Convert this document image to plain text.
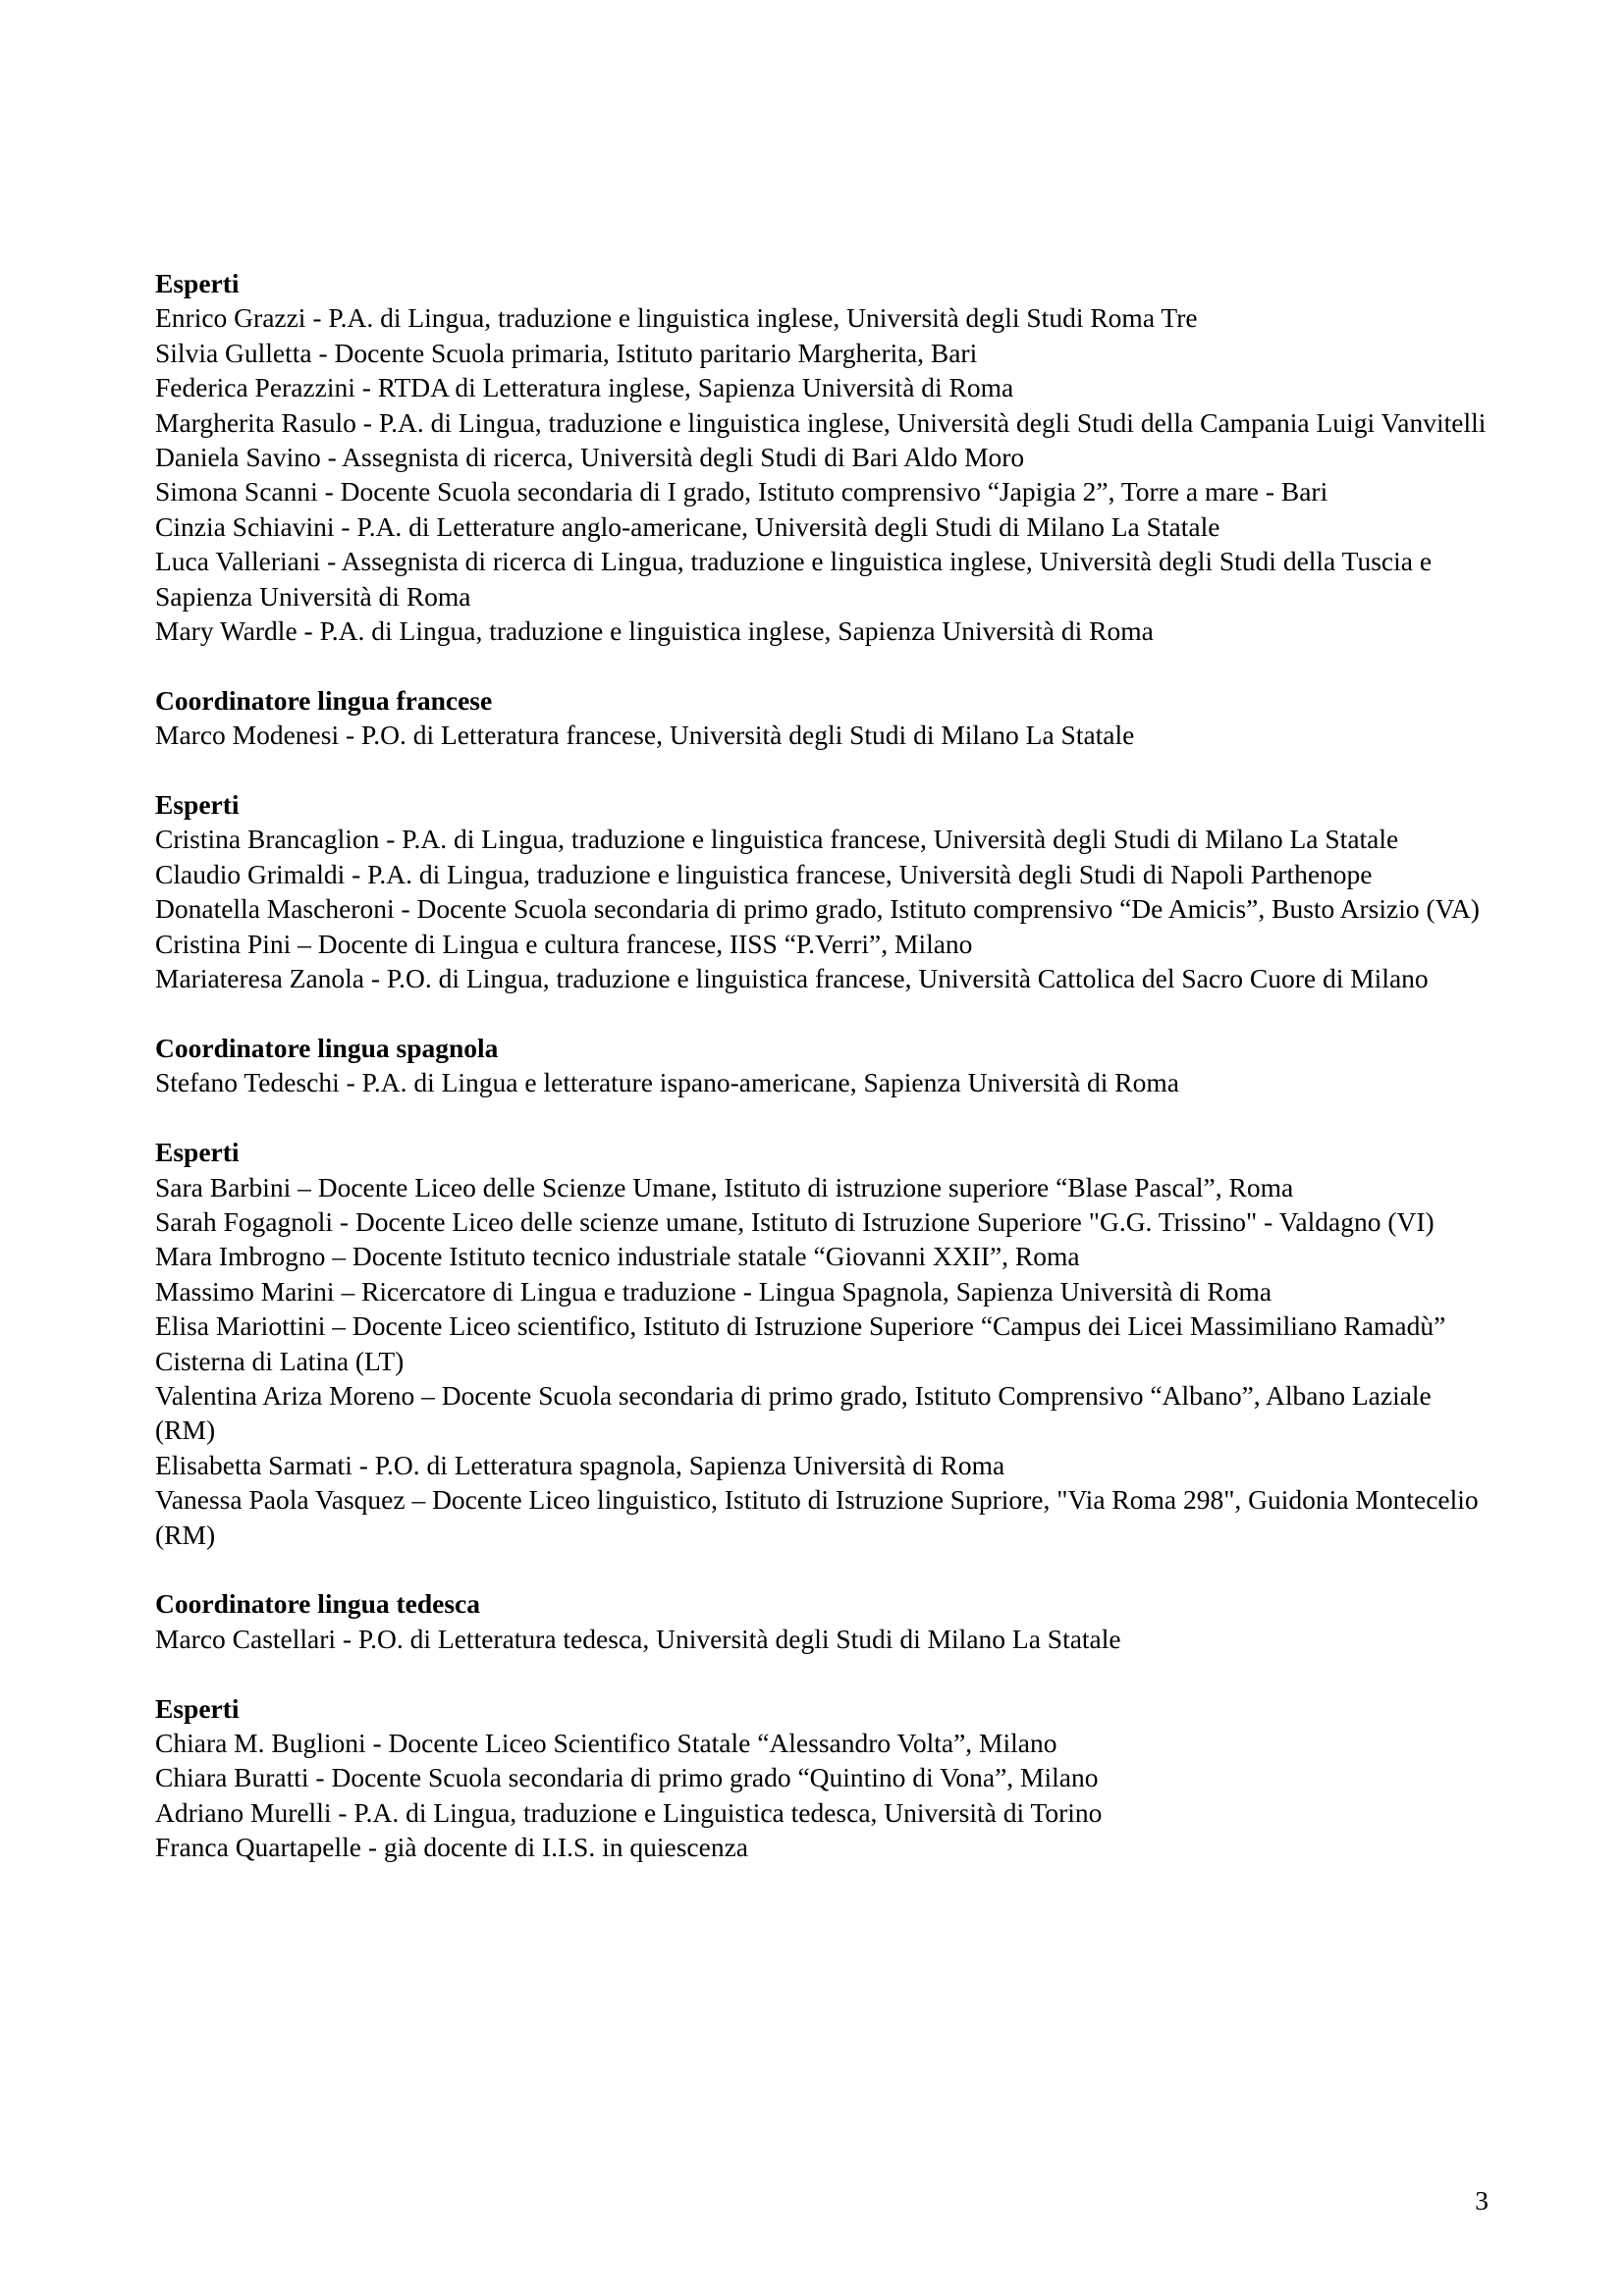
Esperti
Enrico Grazzi - P.A. di Lingua, traduzione e linguistica inglese, Università degli Studi Roma Tre
Silvia Gulletta - Docente Scuola primaria, Istituto paritario Margherita, Bari
Federica Perazzini - RTDA di Letteratura inglese, Sapienza Università di Roma
Margherita Rasulo - P.A. di Lingua, traduzione e linguistica inglese, Università degli Studi della Campania Luigi Vanvitelli
Daniela Savino - Assegnista di ricerca, Università degli Studi di Bari Aldo Moro
Simona Scanni - Docente Scuola secondaria di I grado, Istituto comprensivo “Japigia 2”, Torre a mare - Bari
Cinzia Schiavini - P.A. di Letterature anglo-americane, Università degli Studi di Milano La Statale
Luca Valleriani - Assegnista di ricerca di Lingua, traduzione e linguistica inglese, Università degli Studi della Tuscia e Sapienza Università di Roma
Mary Wardle - P.A. di Lingua, traduzione e linguistica inglese, Sapienza Università di Roma
Coordinatore lingua francese
Marco Modenesi - P.O. di Letteratura francese, Università degli Studi di Milano La Statale
Esperti
Cristina Brancaglion - P.A. di Lingua, traduzione e linguistica francese, Università degli Studi di Milano La Statale
Claudio Grimaldi - P.A. di Lingua, traduzione e linguistica francese, Università degli Studi di Napoli Parthenope
Donatella Mascheroni - Docente Scuola secondaria di primo grado, Istituto comprensivo “De Amicis”, Busto Arsizio (VA)
Cristina Pini – Docente di Lingua e cultura francese, IISS “P.Verri”, Milano
Mariateresa Zanola - P.O. di Lingua, traduzione e linguistica francese, Università Cattolica del Sacro Cuore di Milano
Coordinatore lingua spagnola
Stefano Tedeschi - P.A. di Lingua e letterature ispano-americane, Sapienza Università di Roma
Esperti
Sara Barbini – Docente Liceo delle Scienze Umane, Istituto di istruzione superiore “Blase Pascal”, Roma
Sarah Fogagnoli - Docente Liceo delle scienze umane, Istituto di Istruzione Superiore "G.G. Trissino" - Valdagno (VI)
Mara Imbrogno – Docente Istituto tecnico industriale statale “Giovanni XXII”, Roma
Massimo Marini – Ricercatore di Lingua e traduzione - Lingua Spagnola, Sapienza Università di Roma
Elisa Mariottini – Docente Liceo scientifico, Istituto di Istruzione Superiore “Campus dei Licei Massimiliano Ramadù” Cisterna di Latina (LT)
Valentina Ariza Moreno – Docente Scuola secondaria di primo grado, Istituto Comprensivo “Albano”, Albano Laziale (RM)
Elisabetta Sarmati - P.O. di Letteratura spagnola, Sapienza Università di Roma
Vanessa Paola Vasquez – Docente Liceo linguistico, Istituto di Istruzione Supriore, "Via Roma 298", Guidonia Montecelio (RM)
Coordinatore lingua tedesca
Marco Castellari - P.O. di Letteratura tedesca, Università degli Studi di Milano La Statale
Esperti
Chiara M. Buglioni - Docente Liceo Scientifico Statale “Alessandro Volta”, Milano
Chiara Buratti - Docente Scuola secondaria di primo grado “Quintino di Vona”, Milano
Adriano Murelli - P.A. di Lingua, traduzione e Linguistica tedesca, Università di Torino
Franca Quartapelle - già docente di I.I.S. in quiescenza
3
